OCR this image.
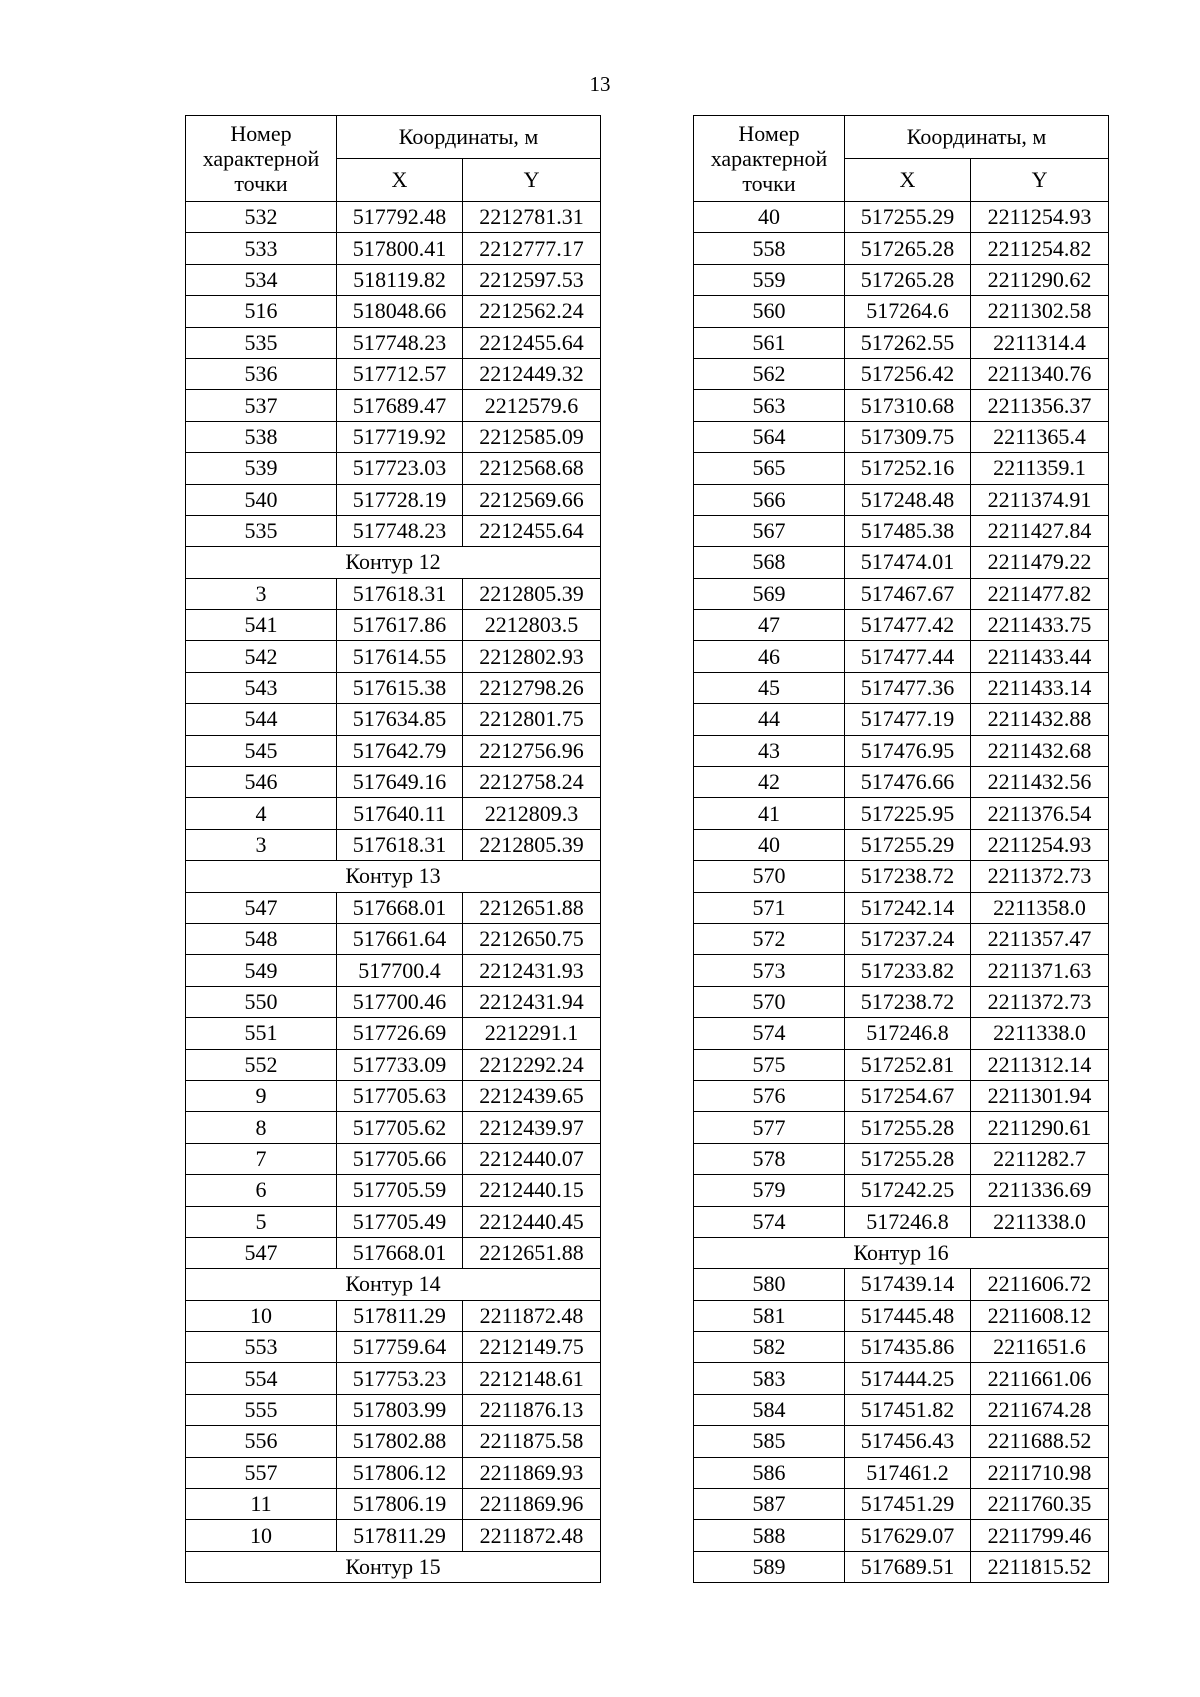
13
Номер характерной точки	Координаты, м	
	X	Y
532	517792.48	2212781.31
533	517800.41	2212777.17
534	518119.82	2212597.53
516	518048.66	2212562.24
535	517748.23	2212455.64
536	517712.57	2212449.32
537	517689.47	2212579.6
538	517719.92	2212585.09
539	517723.03	2212568.68
540	517728.19	2212569.66
535	517748.23	2212455.64
Контур 12		
3	517618.31	2212805.39
541	517617.86	2212803.5
542	517614.55	2212802.93
543	517615.38	2212798.26
544	517634.85	2212801.75
545	517642.79	2212756.96
546	517649.16	2212758.24
4	517640.11	2212809.3
3	517618.31	2212805.39
Контур 13		
547	517668.01	2212651.88
548	517661.64	2212650.75
549	517700.4	2212431.93
550	517700.46	2212431.94
551	517726.69	2212291.1
552	517733.09	2212292.24
9	517705.63	2212439.65
8	517705.62	2212439.97
7	517705.66	2212440.07
6	517705.59	2212440.15
5	517705.49	2212440.45
547	517668.01	2212651.88
Контур 14		
10	517811.29	2211872.48
553	517759.64	2212149.75
554	517753.23	2212148.61
555	517803.99	2211876.13
556	517802.88	2211875.58
557	517806.12	2211869.93
11	517806.19	2211869.96
10	517811.29	2211872.48
Контур 15		
Номер характерной точки	Координаты, м	
	X	Y
40	517255.29	2211254.93
558	517265.28	2211254.82
559	517265.28	2211290.62
560	517264.6	2211302.58
561	517262.55	2211314.4
562	517256.42	2211340.76
563	517310.68	2211356.37
564	517309.75	2211365.4
565	517252.16	2211359.1
566	517248.48	2211374.91
567	517485.38	2211427.84
568	517474.01	2211479.22
569	517467.67	2211477.82
47	517477.42	2211433.75
46	517477.44	2211433.44
45	517477.36	2211433.14
44	517477.19	2211432.88
43	517476.95	2211432.68
42	517476.66	2211432.56
41	517225.95	2211376.54
40	517255.29	2211254.93
570	517238.72	2211372.73
571	517242.14	2211358.0
572	517237.24	2211357.47
573	517233.82	2211371.63
570	517238.72	2211372.73
574	517246.8	2211338.0
575	517252.81	2211312.14
576	517254.67	2211301.94
577	517255.28	2211290.61
578	517255.28	2211282.7
579	517242.25	2211336.69
574	517246.8	2211338.0
Контур 16		
580	517439.14	2211606.72
581	517445.48	2211608.12
582	517435.86	2211651.6
583	517444.25	2211661.06
584	517451.82	2211674.28
585	517456.43	2211688.52
586	517461.2	2211710.98
587	517451.29	2211760.35
588	517629.07	2211799.46
589	517689.51	2211815.52
